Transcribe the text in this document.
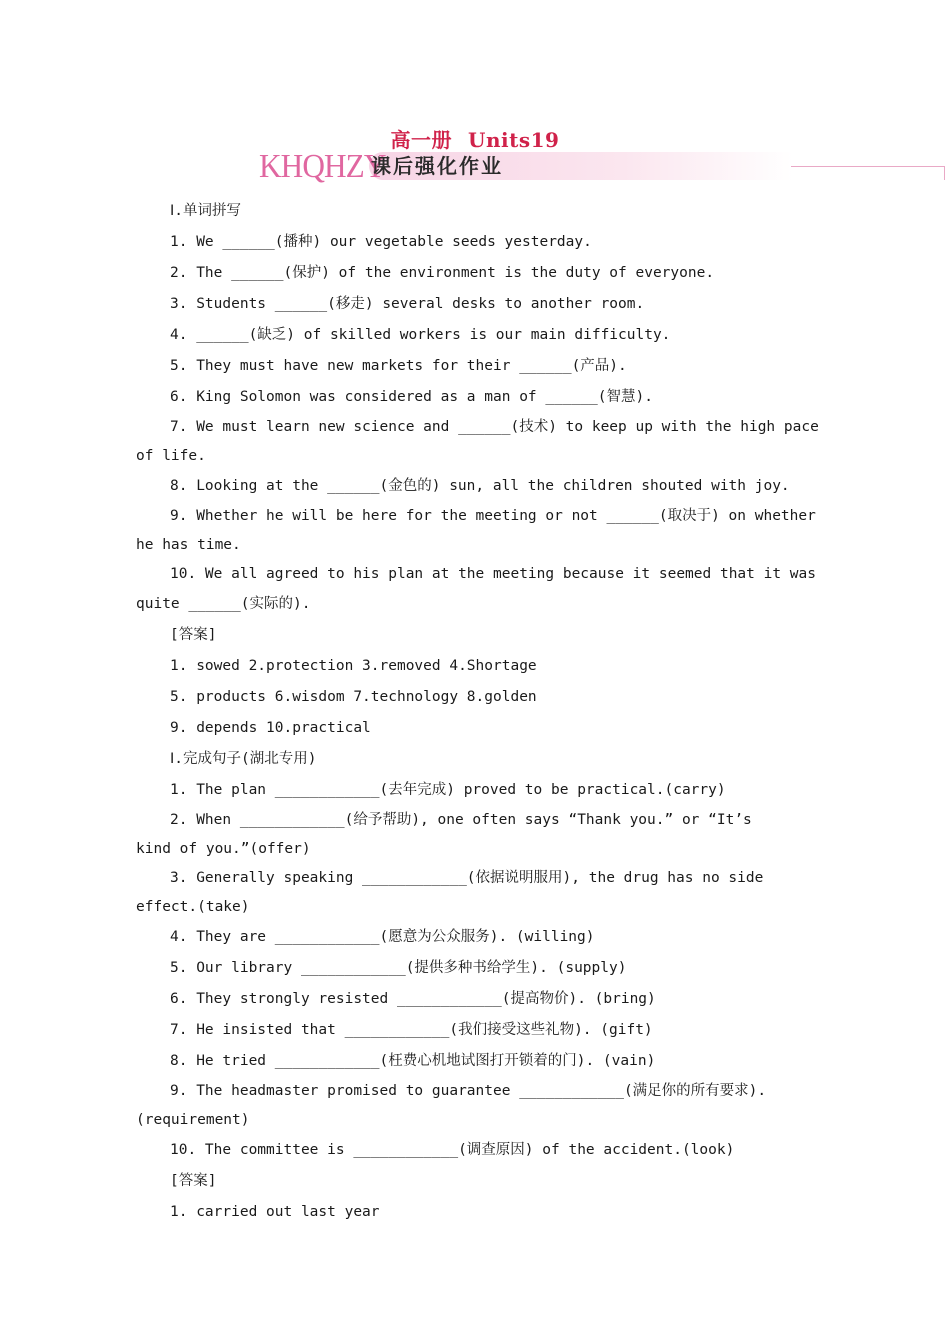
高一册 Units19
KHQHZY
课后强化作业
Ⅰ.单词拼写
1. We ______(播种) our vegetable seeds yesterday.
2. The ______(保护) of the environment is the duty of everyone.
3. Students ______(移走) several desks to another room.
4. ______(缺乏) of skilled workers is our main difficulty.
5. They must have new markets for their ______(产品).
6. King Solomon was considered as a man of ______(智慧).
7. We must learn new science and ______(技术) to keep up with the high pace
of life.
8. Looking at the ______(金色的) sun, all the children shouted with joy.
9. Whether he will be here for the meeting or not ______(取决于) on whether
he has time.
10. We all agreed to his plan at the meeting because it seemed that it was
quite ______(实际的).
[答案]
1. sowed 2.protection 3.removed 4.Shortage
5. products 6.wisdom 7.technology 8.golden
9. depends 10.practical
Ⅰ.完成句子(湖北专用)
1. The plan ____________(去年完成) proved to be practical.(carry)
2. When ____________(给予帮助), one often says “Thank you.” or “It’s
kind of you.”(offer)
3. Generally speaking ____________(依据说明服用), the drug has no side
effect.(take)
4. They are ____________(愿意为公众服务). (willing)
5. Our library ____________(提供多种书给学生). (supply)
6. They strongly resisted ____________(提高物价). (bring)
7. He insisted that ____________(我们接受这些礼物). (gift)
8. He tried ____________(枉费心机地试图打开锁着的门). (vain)
9. The headmaster promised to guarantee ____________(满足你的所有要求).
(requirement)
10. The committee is ____________(调查原因) of the accident.(look)
[答案]
1. carried out last year
